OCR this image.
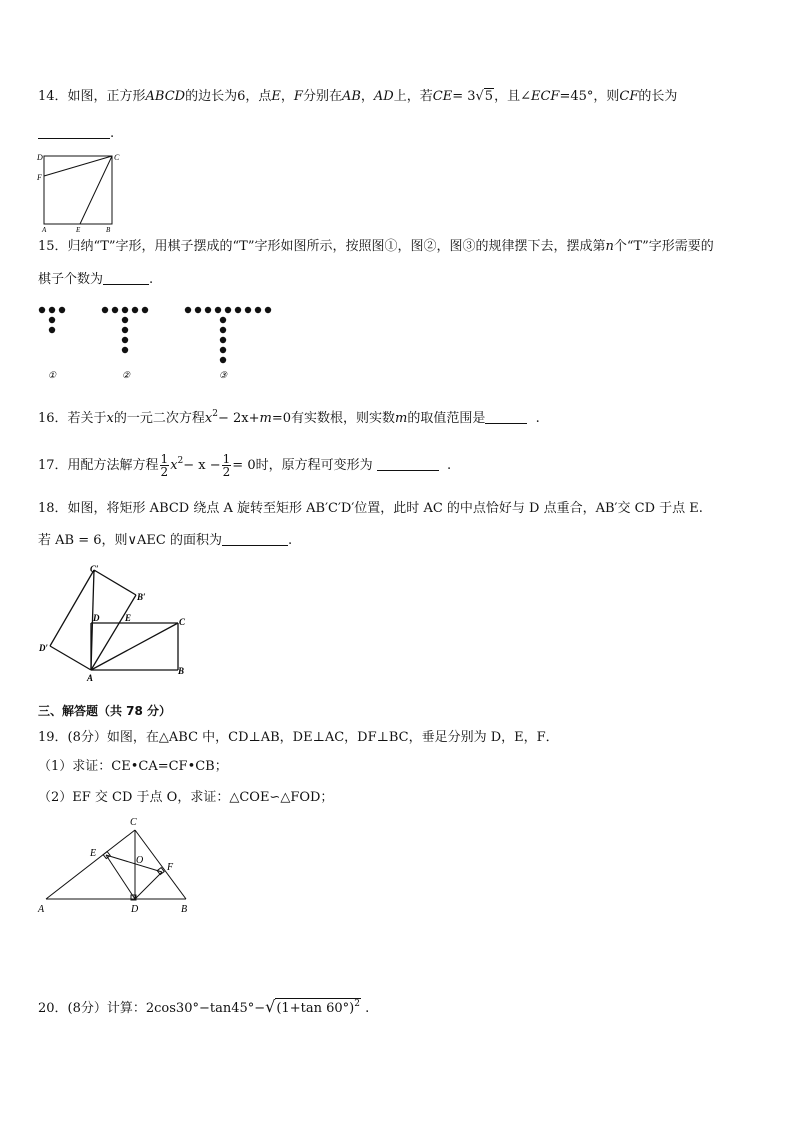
14．如图，正方形ABCD的边长为6，点E，F分别在AB，AD上，若CE= 3√5，且∠ECF=45°，则CF的长为
.
D	C
F
A	E	B
15．归纳“T”字形，用棋子摆成的“T”字形如图所示，按照图①，图②，图③的规律摆下去，摆成第n个“T”字形需要的
棋子个数为	.
①	②	③
16．若关于x的一元二次方程$x^2- 2x+m=0$有实数根，则实数m的取值范围是	.
17．用配方法解方程 $\frac{1}{2} x^2- x - \frac{1}{2} = 0$时，原方程可变形为	.
18．如图，将矩形 ABCD 绕点 A 旋转至矩形 AB′C′D′位置，此时 AC 的中点恰好与 D 点重合，AB′交 CD 于点 E.
若 AB = 6，则∨AEC 的面积为	.
C′
B′
D	E	C
D′
A
B
三、解答题（共 78 分）
19．(8分）如图，在△ABC 中，CD⊥AB，DE⊥AC，DF⊥BC，垂足分别为 D，E，F．
（1）求证：CE•CA=CF•CB；
（2）EF 交 CD 于点 O，求证：△COE∽△FOD；
C
E
O
F
A	D	B
20．(8分）计算：2cos30°−tan45°−√(1+tan 60°)$^2$ .
